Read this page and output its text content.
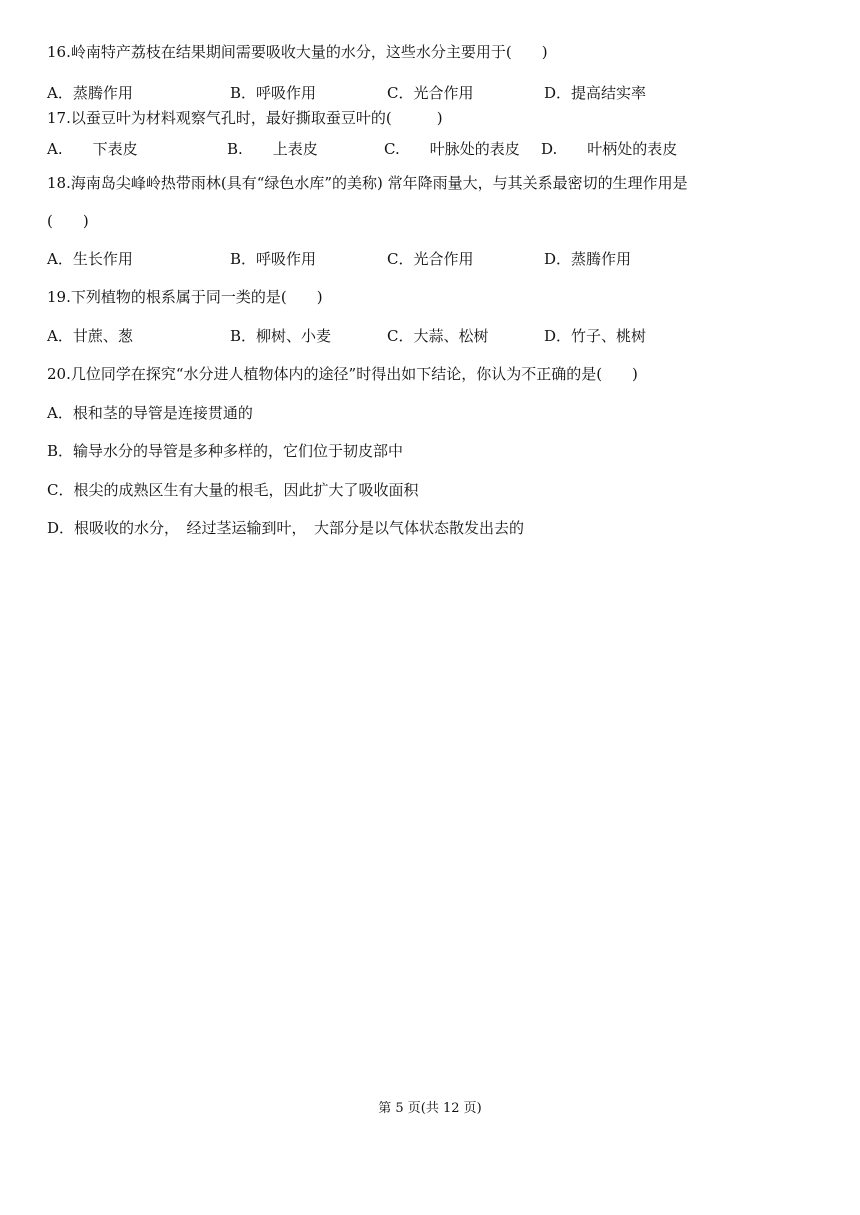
16.岭南特产荔枝在结果期间需要吸收大量的水分，这些水分主要用于(　　)
A．蒸腾作用	B．呼吸作用	C．光合作用	D．提高结实率
17.以蚕豆叶为材料观察气孔时，最好撕取蚕豆叶的(　　　)
A.　　下表皮	B.　　上表皮	C.　　叶脉处的表皮 D.　　叶柄处的表皮
18.海南岛尖峰岭热带雨林(具有“绿色水库”的美称) 常年降雨量大，与其关系最密切的生理作用是
(　　)
A．生长作用	B．呼吸作用	C．光合作用	D．蒸腾作用
19.下列植物的根系属于同一类的是(　　)
A．甘蔗、葱	B．柳树、小麦	C．大蒜、松树	D．竹子、桃树
20.几位同学在探究“水分进人植物体内的途径”时得出如下结论，你认为不正确的是(　　)
A．根和茎的导管是连接贯通的
B．输导水分的导管是多种多样的，它们位于韧皮部中
C．根尖的成熟区生有大量的根毛，因此扩大了吸收面积
D．根吸收的水分，　经过茎运输到叶，　大部分是以气体状态散发出去的
第 5 页(共 12 页)
